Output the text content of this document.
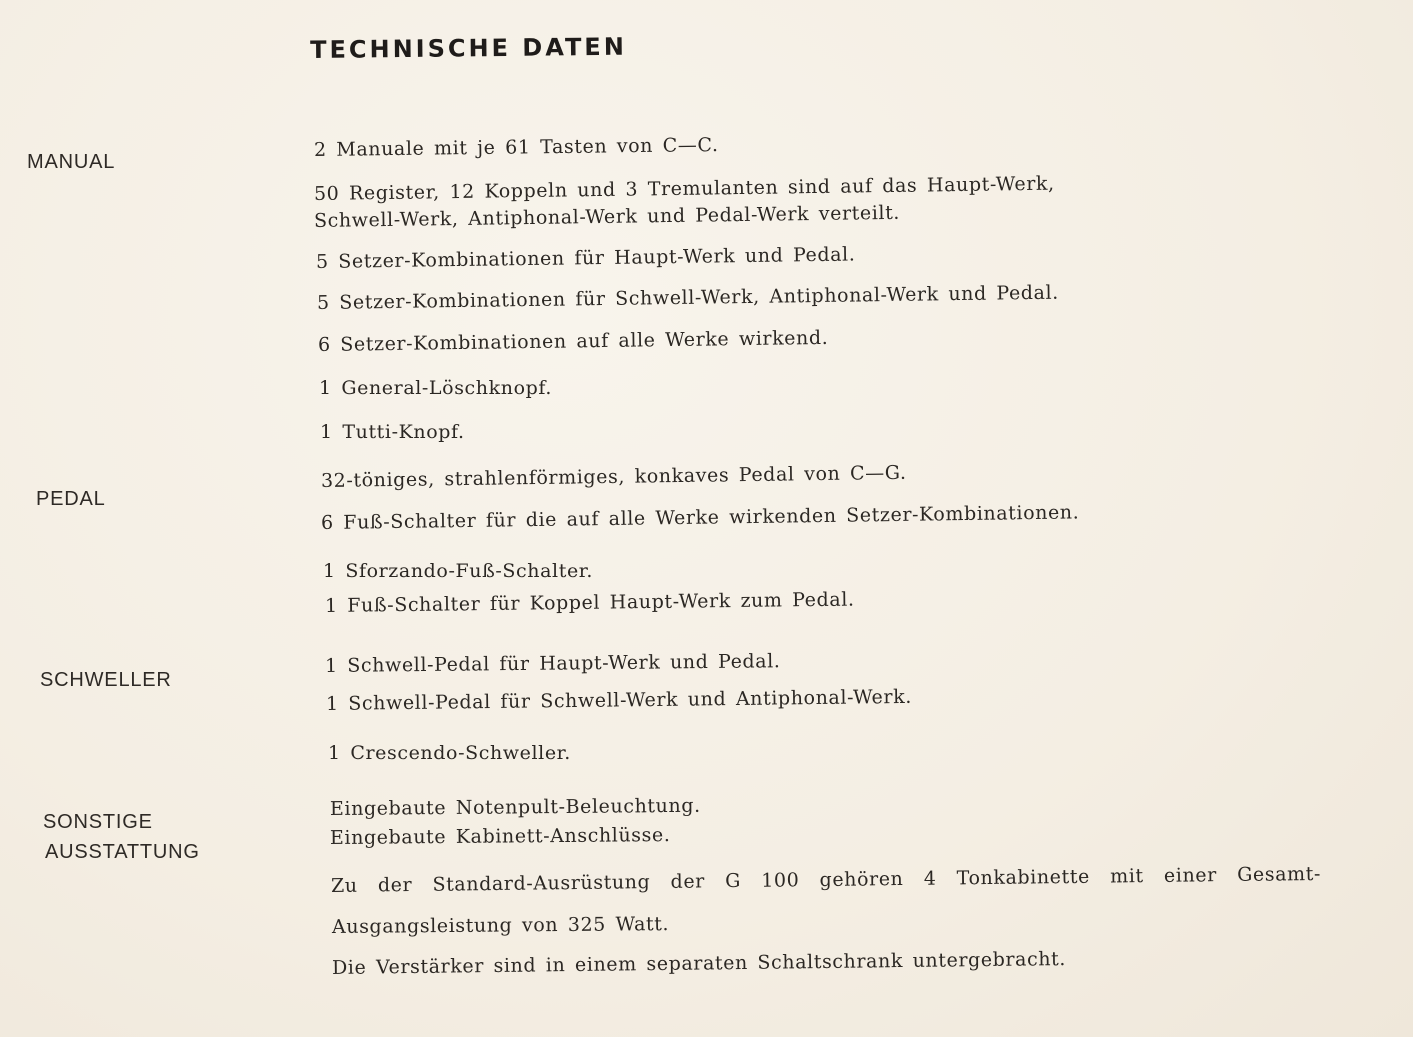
TECHNISCHE DATEN
MANUAL
2 Manuale mit je 61 Tasten von C—C.
50 Register, 12 Koppeln und 3 Tremulanten sind auf das Haupt-Werk,
Schwell-Werk, Antiphonal-Werk und Pedal-Werk verteilt.
5 Setzer-Kombinationen für Haupt-Werk und Pedal.
5 Setzer-Kombinationen für Schwell-Werk, Antiphonal-Werk und Pedal.
6 Setzer-Kombinationen auf alle Werke wirkend.
1 General-Löschknopf.
1 Tutti-Knopf.
PEDAL
32-töniges, strahlenförmiges, konkaves Pedal von C—G.
6 Fuß-Schalter für die auf alle Werke wirkenden Setzer-Kombinationen.
1 Sforzando-Fuß-Schalter.
1 Fuß-Schalter für Koppel Haupt-Werk zum Pedal.
SCHWELLER
1 Schwell-Pedal für Haupt-Werk und Pedal.
1 Schwell-Pedal für Schwell-Werk und Antiphonal-Werk.
1 Crescendo-Schweller.
SONSTIGE
AUSSTATTUNG
Eingebaute Notenpult-Beleuchtung.
Eingebaute Kabinett-Anschlüsse.
Zu der Standard-Ausrüstung der G 100 gehören 4 Tonkabinette mit einer Gesamt-
Ausgangsleistung von 325 Watt.
Die Verstärker sind in einem separaten Schaltschrank untergebracht.
